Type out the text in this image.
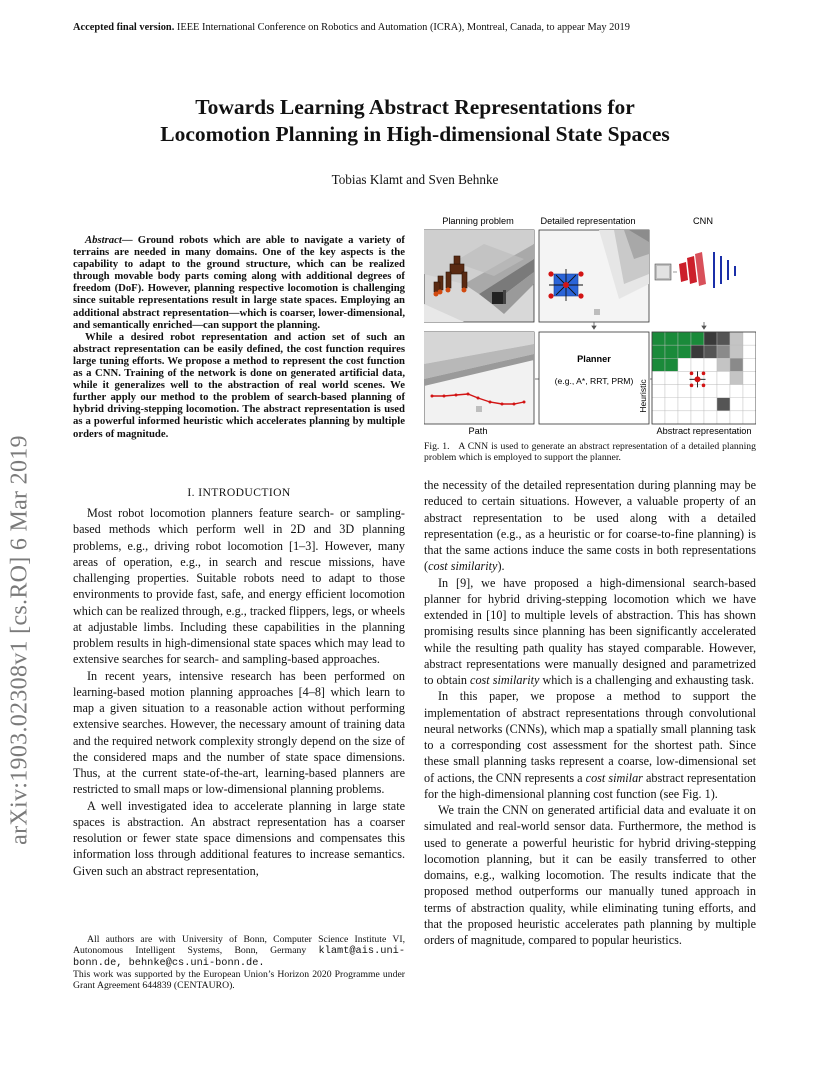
Accepted final version. IEEE International Conference on Robotics and Automation (ICRA), Montreal, Canada, to appear May 2019
Towards Learning Abstract Representations for
Locomotion Planning in High-dimensional State Spaces
Tobias Klamt and Sven Behnke
arXiv:1903.02308v1 [cs.RO] 6 Mar 2019

Abstract— Ground robots which are able to navigate a variety of terrains are needed in many domains. One of the key aspects is the capability to adapt to the ground structure, which can be realized through movable body parts coming along with additional degrees of freedom (DoF). However, planning respective locomotion is challenging since suitable representations result in large state spaces. Employing an additional abstract representation—which is coarser, lower-dimensional, and semantically enriched—can support the planning.

While a desired robot representation and action set of such an abstract representation can be easily defined, the cost function requires large tuning efforts. We propose a method to represent the cost function as a CNN. Training of the network is done on generated artificial data, while it generalizes well to the abstraction of real world scenes. We further apply our method to the problem of search-based planning of hybrid driving-stepping locomotion. The abstract representation is used as a powerful informed heuristic which accelerates planning by multiple orders of magnitude.

I. INTRODUCTION

Most robot locomotion planners feature search- or sampling-based methods which perform well in 2D and 3D planning problems, e.g., driving robot locomotion [1–3]. However, many areas of operation, e.g., in search and rescue missions, have challenging properties. Suitable robots need to adapt to those environments to provide fast, safe, and energy efficient locomotion which can be realized through, e.g., tracked flippers, legs, or wheels at adjustable limbs. Including these capabilities in the planning problem results in high-dimensional state spaces which may lead to extensive searches for search- and sampling-based approaches.

In recent years, intensive research has been performed on learning-based motion planning approaches [4–8] which learn to map a given situation to a reasonable action without performing extensive searches. However, the necessary amount of training data and the required network complexity strongly depend on the size of the considered maps and the number of state space dimensions. Thus, at the current state-of-the-art, learning-based planners are restricted to small maps or low-dimensional planning problems.

A well investigated idea to accelerate planning in large state spaces is abstraction. An abstract representation has a coarser resolution or fewer state space dimensions and compensates this information loss through additional features to increase semantics. Given such an abstract representation,

All authors are with University of Bonn, Computer Science Institute VI, Autonomous Intelligent Systems, Bonn, Germany klamt@ais.uni-bonn.de, behnke@cs.uni-bonn.de.

This work was supported by the European Union’s Horizon 2020 Programme under Grant Agreement 644839 (CENTAURO).

Planning problem	Detailed representation	CNN
Planner
(e.g., A*, RRT, PRM) Heuristic
Path	Abstract representation
Fig. 1. A CNN is used to generate an abstract representation of a detailed planning problem which is employed to support the planner.

the necessity of the detailed representation during planning may be reduced to certain situations. However, a valuable property of an abstract representation to be used along with a detailed representation (e.g., as a heuristic or for coarse-to-fine planning) is that the same actions induce the same costs in both representations (cost similarity).

In [9], we have proposed a high-dimensional search-based planner for hybrid driving-stepping locomotion which we have extended in [10] to multiple levels of abstraction. This has shown promising results since planning has been significantly accelerated while the resulting path quality has stayed comparable. However, abstract representations were manually designed and parametrized to obtain cost similarity which is a challenging and exhausting task.

In this paper, we propose a method to support the implementation of abstract representations through convolutional neural networks (CNNs), which map a spatially small planning task to a corresponding cost assessment for the shortest path. Since these small planning tasks represent a coarse, low-dimensional set of actions, the CNN represents a cost similar abstract representation for the high-dimensional planning cost function (see Fig. 1).

We train the CNN on generated artificial data and evaluate it on simulated and real-world sensor data. Furthermore, the method is used to generate a powerful heuristic for hybrid driving-stepping locomotion planning, but it can be easily transferred to other domains, e.g., walking locomotion. The results indicate that the proposed method outperforms our manually tuned approach in terms of abstraction quality, while eliminating tuning efforts, and that the proposed heuristic accelerates path planning by multiple orders of magnitude, compared to popular heuristics.
